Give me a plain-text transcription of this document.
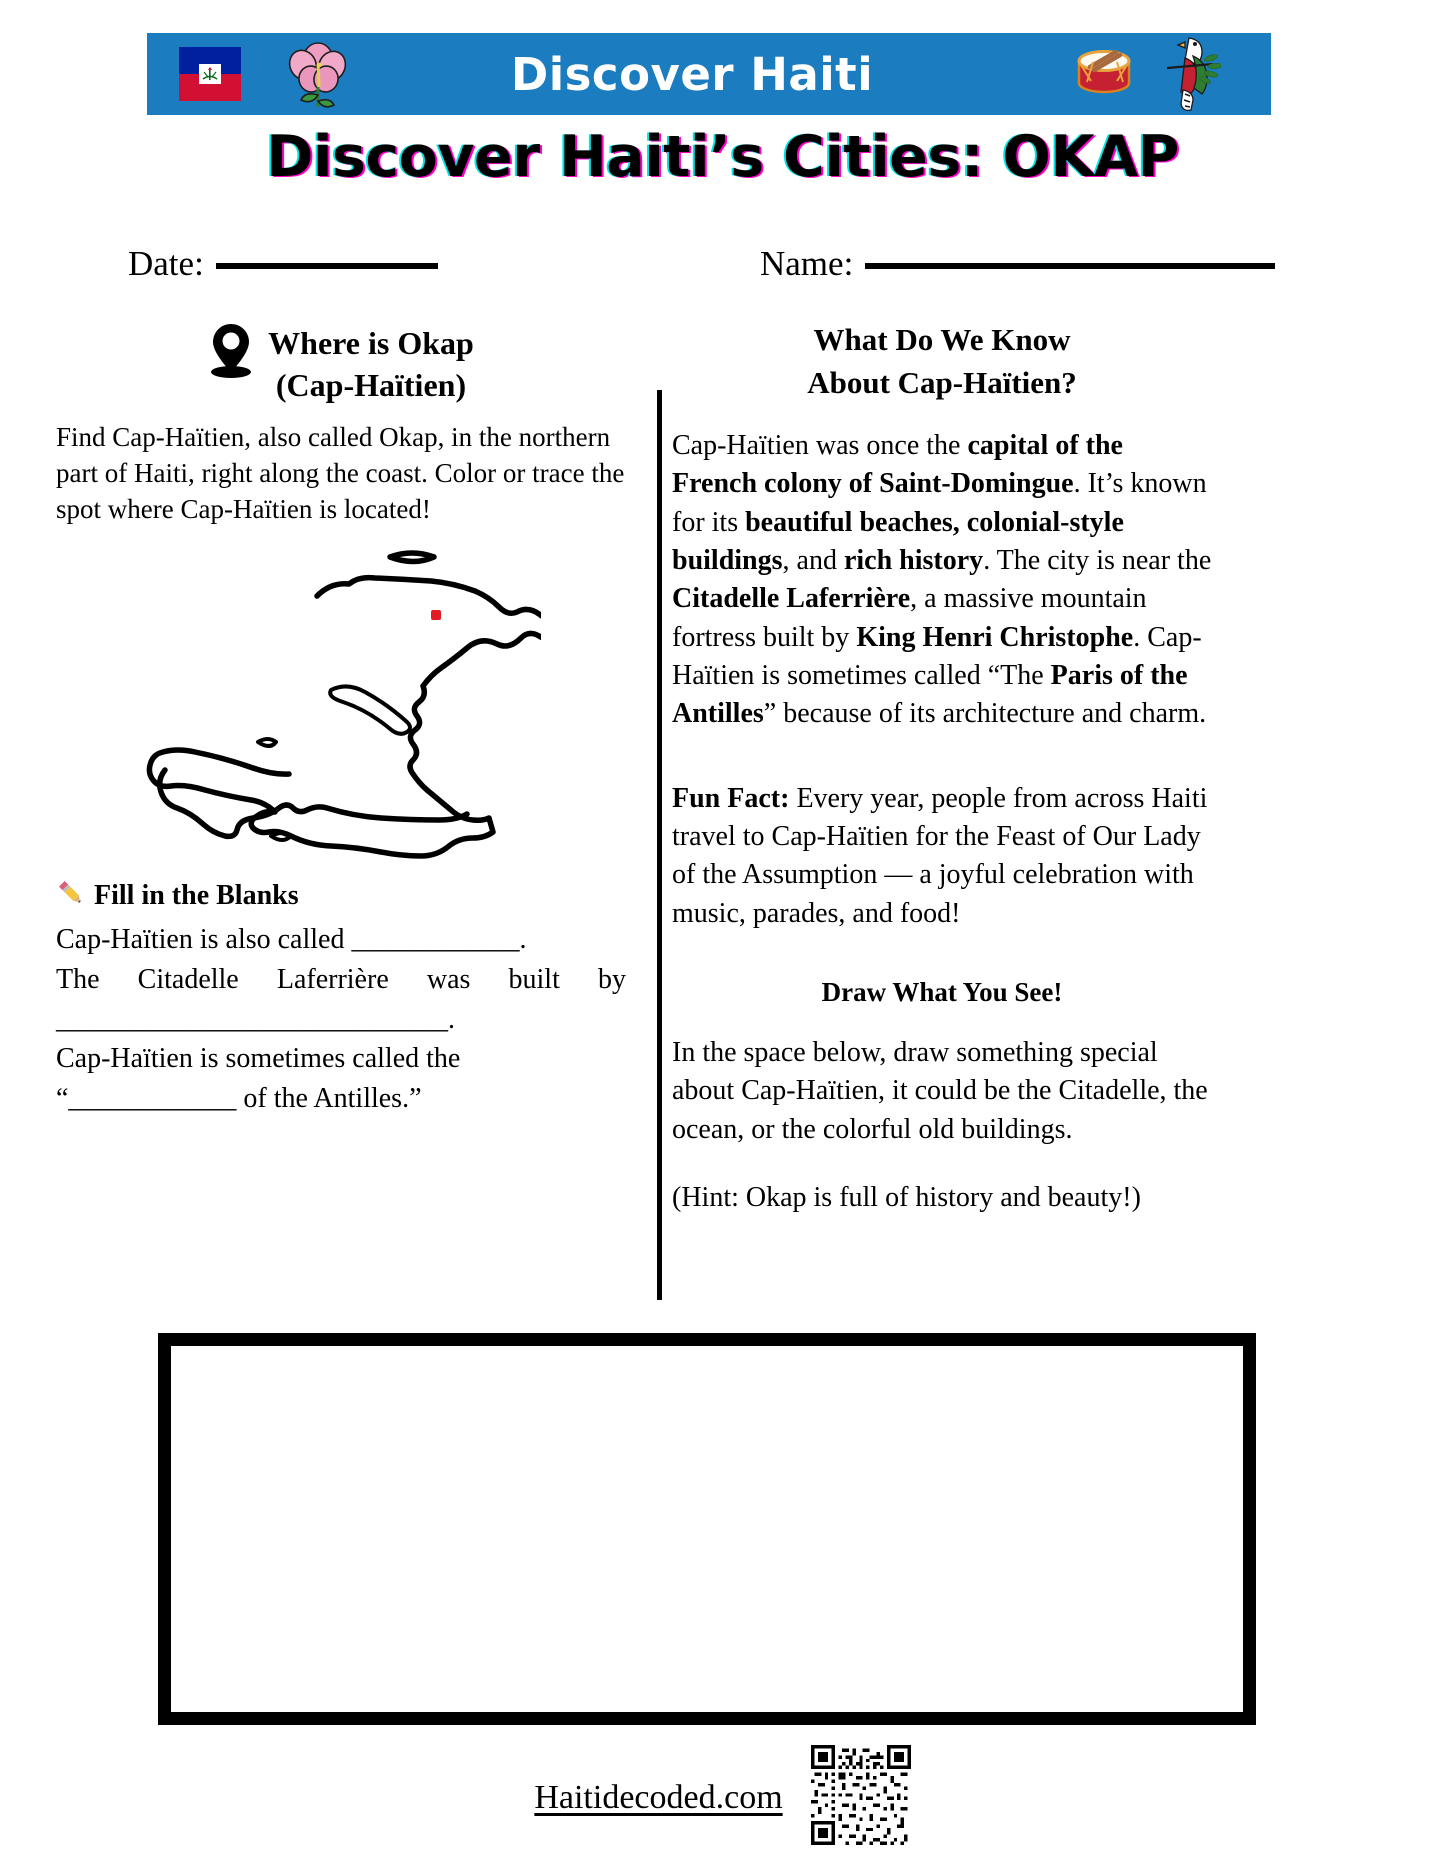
Discover Haiti
Discover Haiti’s Cities: OKAP
Date:	Name:
Where is Okap
(Cap-Haïtien)

Find Cap-Haïtien, also called Okap, in the northern part of Haiti, right along the coast. Color or trace the spot where Cap-Haïtien is located!

Fill in the Blanks
Cap-Haïtien is also called ____________.
The Citadelle Laferrière was built by ____________________________.
Cap-Haïtien is sometimes called the “____________ of the Antilles.”
What Do We Know
About Cap-Haïtien?

Cap-Haïtien was once the capital of the French colony of Saint-Domingue. It’s known for its beautiful beaches, colonial-style buildings, and rich history. The city is near the Citadelle Laferrière, a massive mountain fortress built by King Henri Christophe. Cap-Haïtien is sometimes called “The Paris of the Antilles” because of its architecture and charm.

Fun Fact: Every year, people from across Haiti travel to Cap-Haïtien for the Feast of Our Lady of the Assumption — a joyful celebration with music, parades, and food!

Draw What You See!

In the space below, draw something special about Cap-Haïtien, it could be the Citadelle, the ocean, or the colorful old buildings.

(Hint: Okap is full of history and beauty!)

Haitidecoded.com
